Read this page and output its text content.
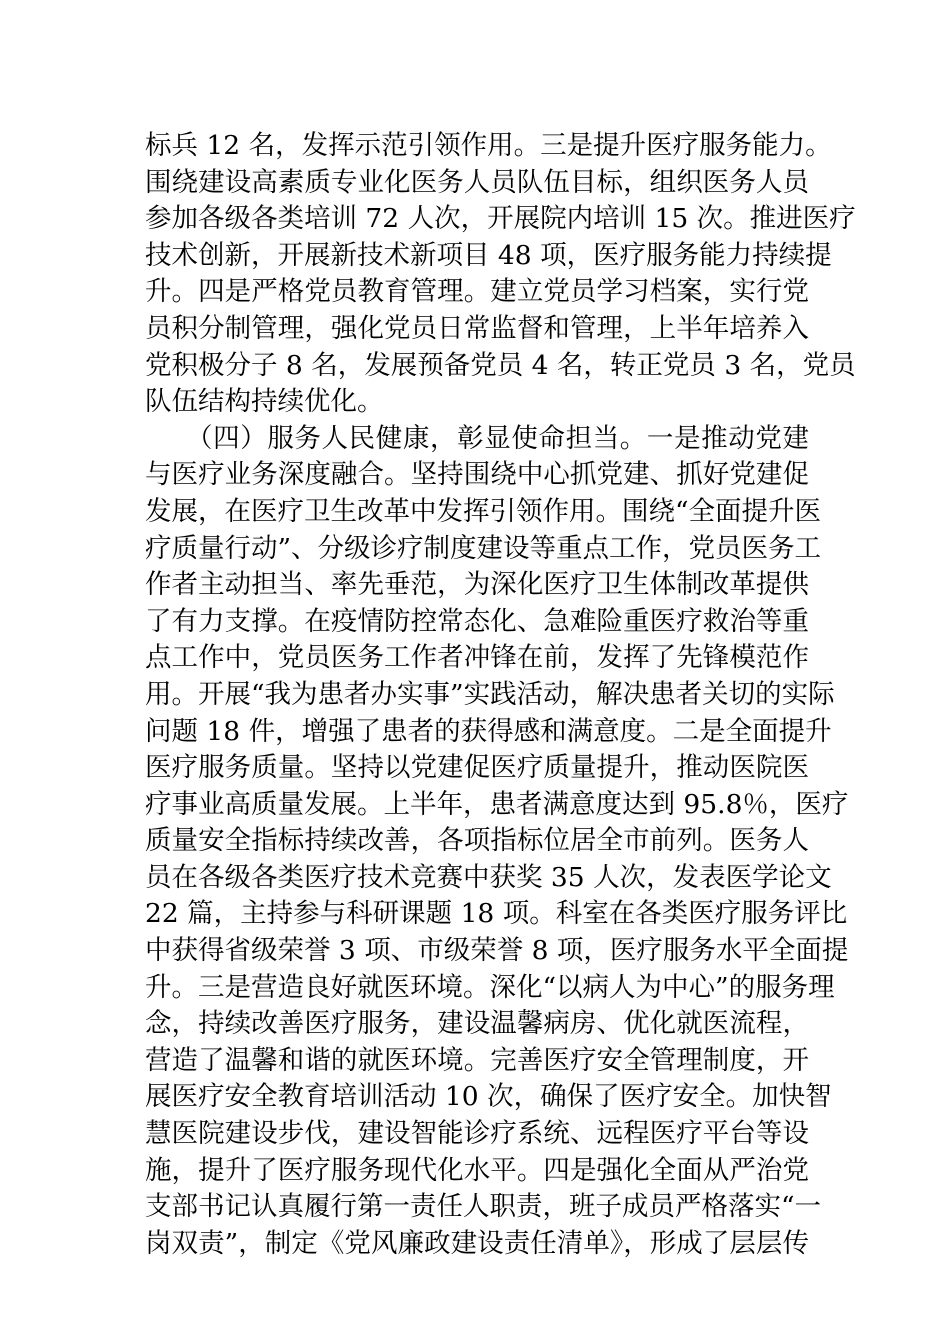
标兵 12 名，发挥示范引领作用。三是提升医疗服务能力。
围绕建设高素质专业化医务人员队伍目标，组织医务人员
参加各级各类培训 72 人次，开展院内培训 15 次。推进医疗
技术创新，开展新技术新项目 48 项，医疗服务能力持续提
升。四是严格党员教育管理。建立党员学习档案，实行党
员积分制管理，强化党员日常监督和管理，上半年培养入
党积极分子 8 名，发展预备党员 4 名，转正党员 3 名，党员
队伍结构持续优化。
　　（四）服务人民健康，彰显使命担当。一是推动党建
与医疗业务深度融合。坚持围绕中心抓党建、抓好党建促
发展，在医疗卫生改革中发挥引领作用。围绕“全面提升医
疗质量行动”、分级诊疗制度建设等重点工作，党员医务工
作者主动担当、率先垂范，为深化医疗卫生体制改革提供
了有力支撑。在疫情防控常态化、急难险重医疗救治等重
点工作中，党员医务工作者冲锋在前，发挥了先锋模范作
用。开展“我为患者办实事”实践活动，解决患者关切的实际
问题 18 件，增强了患者的获得感和满意度。二是全面提升
医疗服务质量。坚持以党建促医疗质量提升，推动医院医
疗事业高质量发展。上半年，患者满意度达到 95.8％，医疗
质量安全指标持续改善，各项指标位居全市前列。医务人
员在各级各类医疗技术竞赛中获奖 35 人次，发表医学论文
22 篇，主持参与科研课题 18 项。科室在各类医疗服务评比
中获得省级荣誉 3 项、市级荣誉 8 项，医疗服务水平全面提
升。三是营造良好就医环境。深化“以病人为中心”的服务理
念，持续改善医疗服务，建设温馨病房、优化就医流程，
营造了温馨和谐的就医环境。完善医疗安全管理制度，开
展医疗安全教育培训活动 10 次，确保了医疗安全。加快智
慧医院建设步伐，建设智能诊疗系统、远程医疗平台等设
施，提升了医疗服务现代化水平。四是强化全面从严治党
支部书记认真履行第一责任人职责，班子成员严格落实“一
岗双责”，制定《党风廉政建设责任清单》，形成了层层传
